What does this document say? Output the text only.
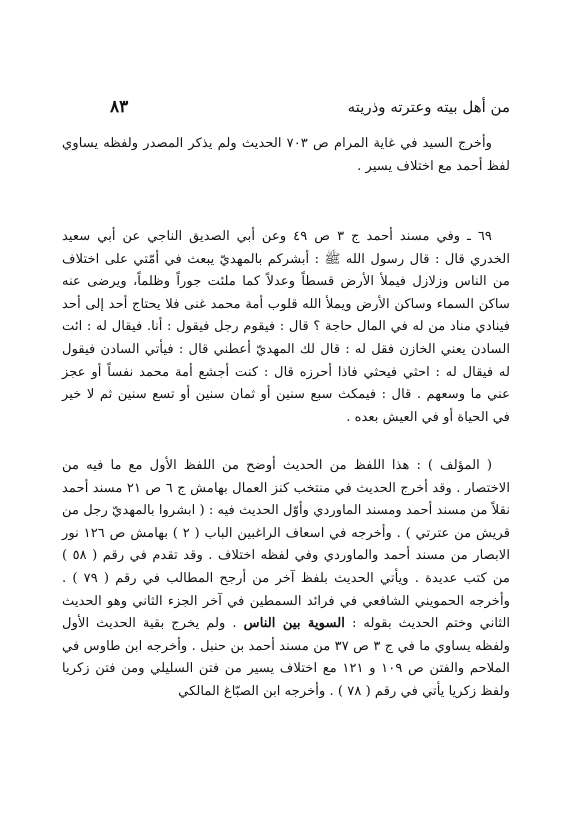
من أهل بيته وعترته وذريته
٨٣

وأخرج السيد في غاية المرام ص ٧٠٣ الحديث ولم يذكر المصدر ولفظه يساوي لفظ أحمد مع اختلاف يسير .

٦٩ ـ وفي مسند أحمد ج ٣ ص ٤٩ وعن أبي الصديق الناجي عن أبي سعيد الخدري قال : قال رسول الله ﷺ : أبشركم بالمهديّ يبعث في أمّتي على اختلاف من الناس وزلازل فيملأ الأرض قسطاً وعدلاً كما ملئت جوراً وظلماً، ويرضى عنه ساكن السماء وساكن الأرض ويملأ الله قلوب أمة محمد غنى فلا يحتاج أحد إلى أحد فينادي مناد من له في المال حاجة ؟ قال : فيقوم رجل فيقول : أنا. فيقال له : ائت السادن يعني الخازن فقل له : قال لك المهديّ أعطني قال : فيأتي السادن فيقول له فيقال له : احثي فيحثي فاذا أحرزه قال : كنت أجشع أمة محمد نفساً أو عجز عني ما وسعهم . قال : فيمكث سبع سنين أو ثمان سنين أو تسع سنين ثم لا خير في الحياة أو في العيش بعده .

( المؤلف ) : هذا اللفظ من الحديث أوضح من اللفظ الأول مع ما فيه من الاختصار . وقد أخرج الحديث في منتخب كنز العمال بهامش ج ٦ ص ٢١ مسند أحمد نقلاً من مسند أحمد ومسند الماوردي وأوّل الحديث فيه : ( ابشروا بالمهديّ رجل من قريش من عترتي ) . وأخرجه في اسعاف الراغبين الباب ( ٢ ) بهامش ص ١٢٦ نور الابصار من مسند أحمد والماوردي وفي لفظه اختلاف . وقد تقدم في رقم ( ٥٨ ) من كتب عديدة . ويأتي الحديث بلفظ آخر من أرجح المطالب في رقم ( ٧٩ ) . وأخرجه الحمويني الشافعي في فرائد السمطين في آخر الجزء الثاني وهو الحديث الثاني وختم الحديث بقوله : السوية بين الناس . ولم يخرج بقية الحديث الأول ولفظه يساوي ما في ج ٣ ص ٣٧ من مسند أحمد بن حنبل . وأخرجه ابن طاوس في الملاحم والفتن ص ١٠٩ و ١٢١ مع اختلاف يسير من فتن السليلي ومن فتن زكريا ولفظ زكريا يأتي في رقم ( ٧٨ ) . وأخرجه ابن الصبّاغ المالكي
